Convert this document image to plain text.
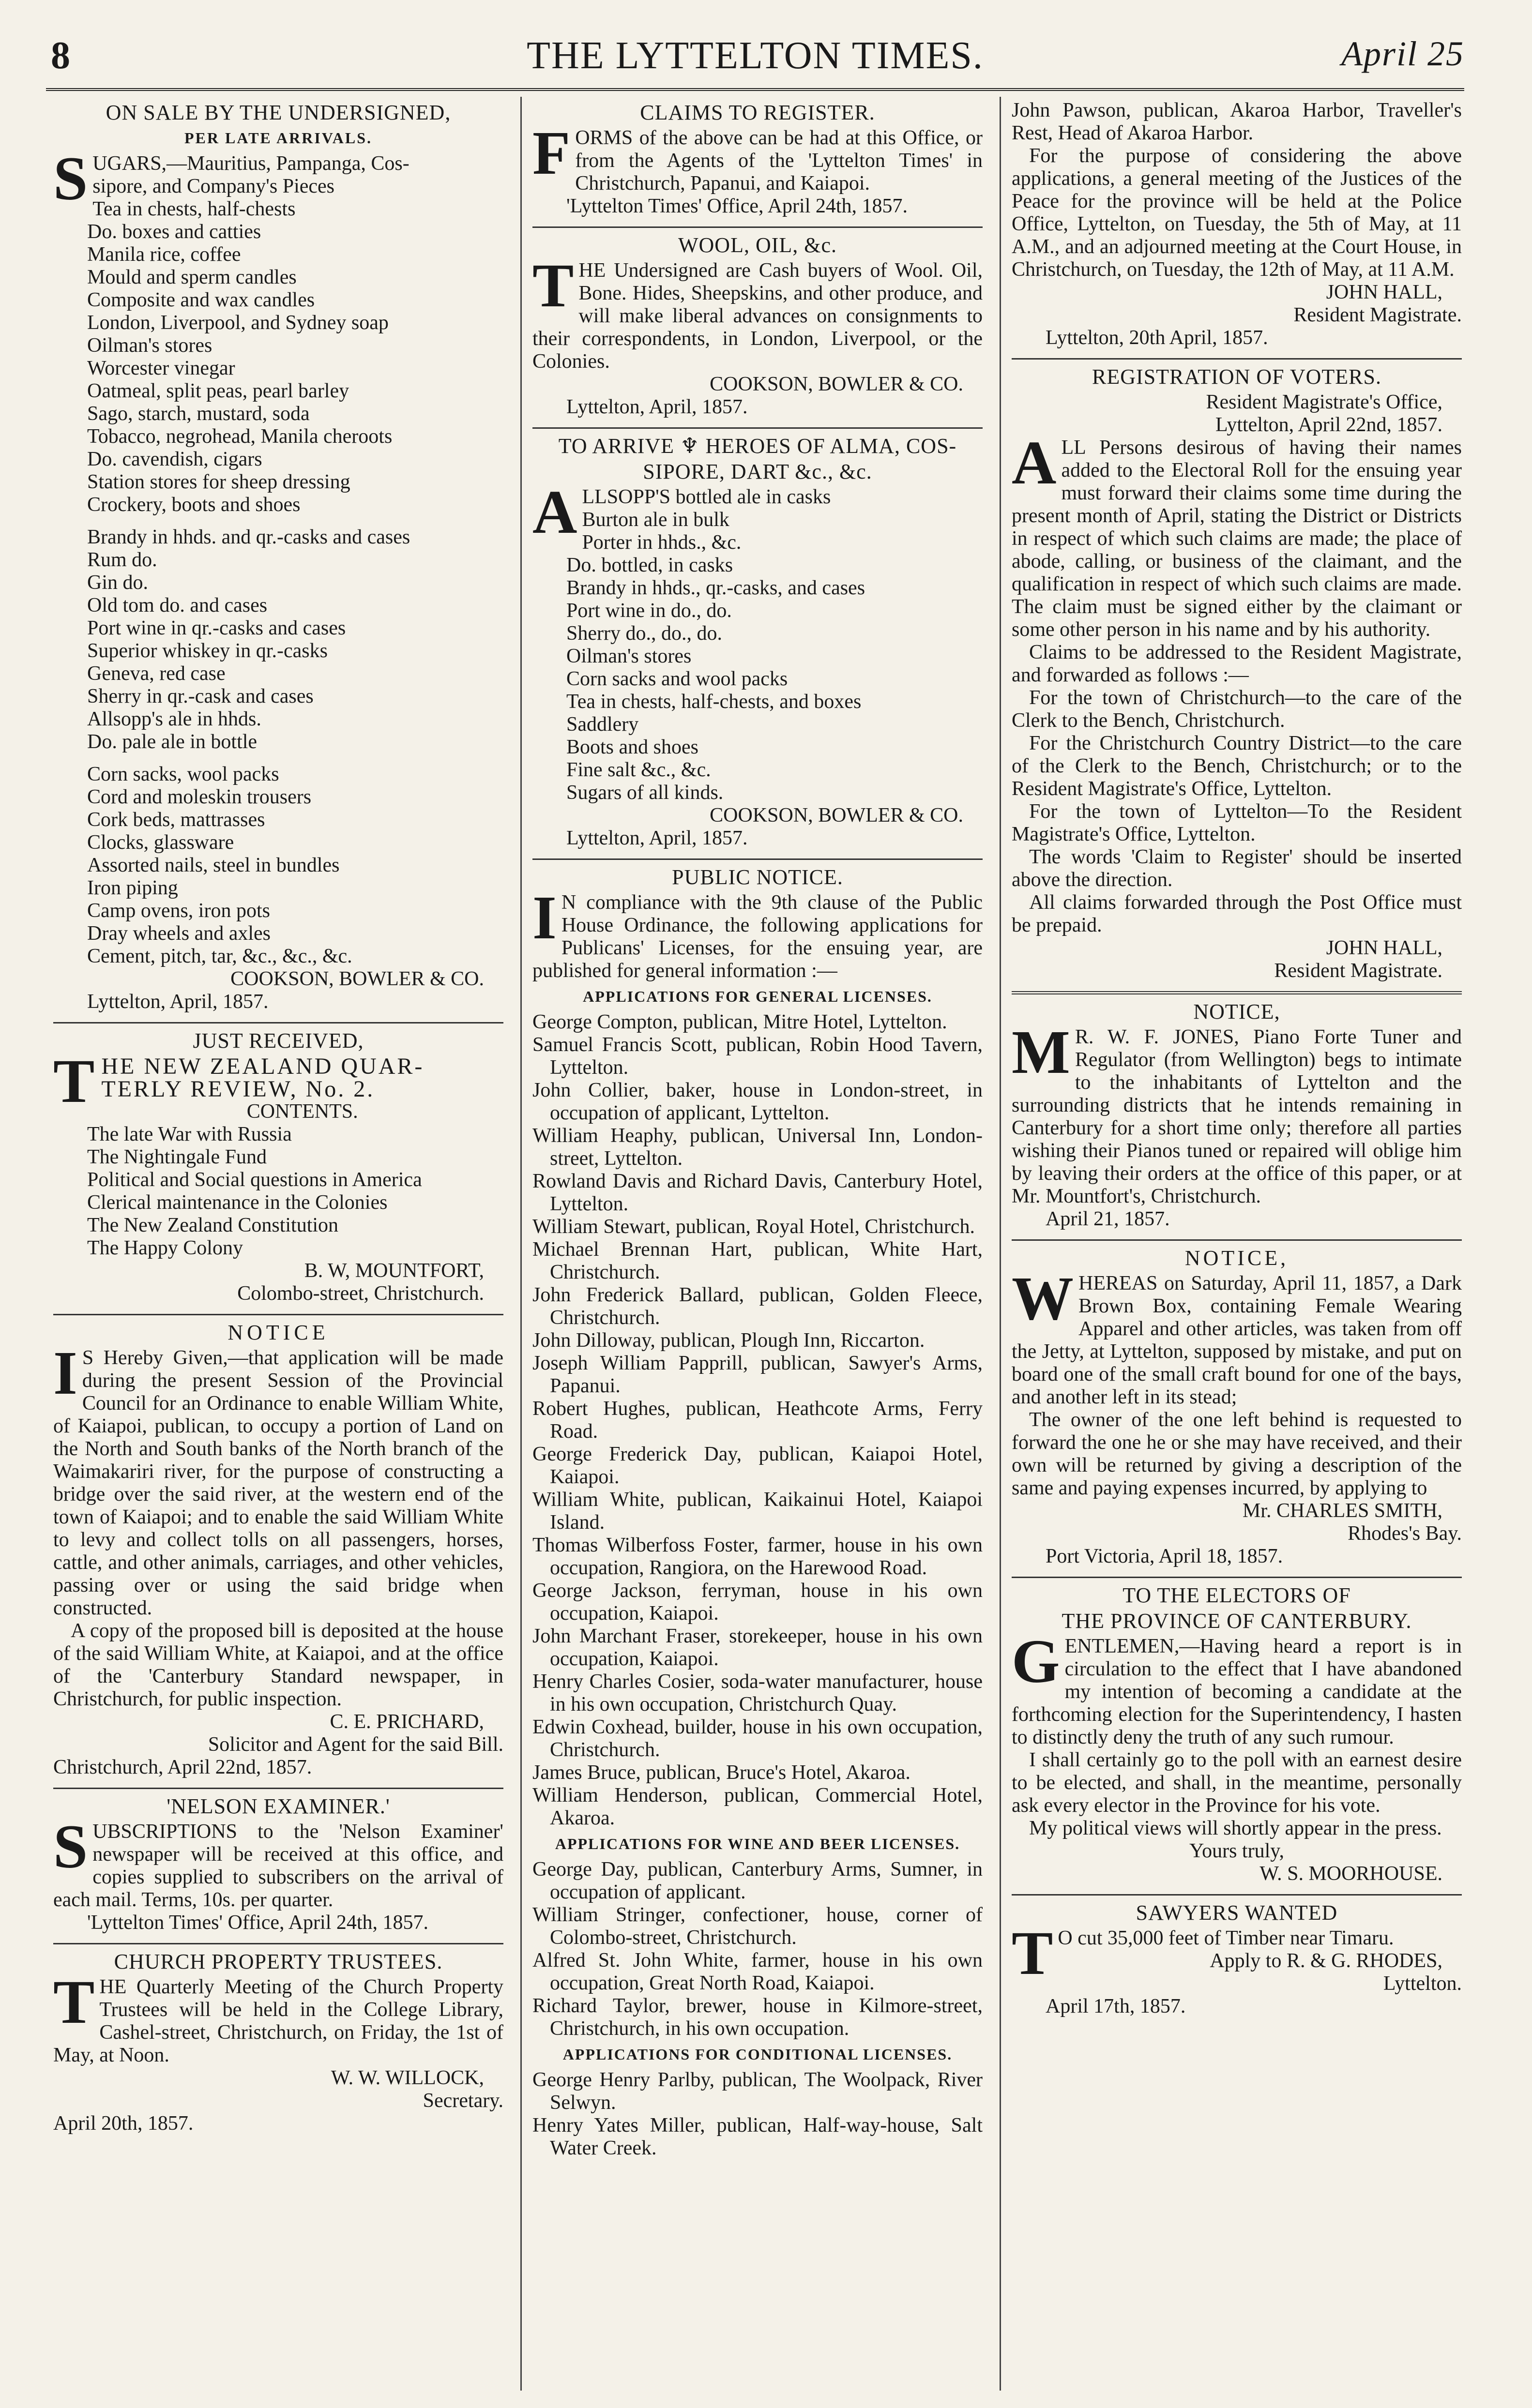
8	THE LYTTELTON TIMES.	April 25
ON SALE BY THE UNDERSIGNED,
PER LATE ARRIVALS.
S UGARS,—Mauritius, Pampanga, Cos-
sipore, and Company's Pieces
Tea in chests, half-chests
Do. boxes and catties
Manila rice, coffee
Mould and sperm candles
Composite and wax candles
London, Liverpool, and Sydney soap
Oilman's stores
Worcester vinegar
Oatmeal, split peas, pearl barley
Sago, starch, mustard, soda
Tobacco, negrohead, Manila cheroots
Do. cavendish, cigars
Station stores for sheep dressing
Crockery, boots and shoes
Brandy in hhds. and qr.-casks and cases
Rum do.
Gin do.
Old tom do. and cases
Port wine in qr.-casks and cases
Superior whiskey in qr.-casks
Geneva, red case
Sherry in qr.-cask and cases
Allsopp's ale in hhds.
Do. pale ale in bottle
Corn sacks, wool packs
Cord and moleskin trousers
Cork beds, mattrasses
Clocks, glassware
Assorted nails, steel in bundles
Iron piping
Camp ovens, iron pots
Dray wheels and axles
Cement, pitch, tar, &c., &c., &c.
COOKSON, BOWLER & CO.
Lyttelton, April, 1857.
JUST RECEIVED,
T HE NEW ZEALAND QUAR-
TERLY REVIEW, No. 2.
CONTENTS.
The late War with Russia
The Nightingale Fund
Political and Social questions in America
Clerical maintenance in the Colonies
The New Zealand Constitution
The Happy Colony
B. W, MOUNTFORT,
Colombo-street, Christchurch.
NOTICE
I S Hereby Given,—that application will be made during the present Session of the Provincial Council for an Ordinance to enable William White, of Kaiapoi, publican, to occupy a portion of Land on the North and South banks of the North branch of the Waimakariri river, for the purpose of constructing a bridge over the said river, at the western end of the town of Kaiapoi; and to enable the said William White to levy and collect tolls on all passengers, horses, cattle, and other animals, carriages, and other vehicles, passing over or using the said bridge when constructed.

A copy of the proposed bill is deposited at the house of the said William White, at Kaiapoi, and at the office of the 'Canterbury Standard newspaper, in Christchurch, for public inspection.

C. E. PRICHARD,
Solicitor and Agent for the said Bill.
Christchurch, April 22nd, 1857.
'NELSON EXAMINER.'
S UBSCRIPTIONS to the 'Nelson Examiner' newspaper will be received at this office, and copies supplied to subscribers on the arrival of each mail. Terms, 10s. per quarter.
'Lyttelton Times' Office, April 24th, 1857.
CHURCH PROPERTY TRUSTEES.
T HE Quarterly Meeting of the Church Property Trustees will be held in the College Library, Cashel-street, Christchurch, on Friday, the 1st of May, at Noon.
W. W. WILLOCK,
Secretary.
April 20th, 1857.
CLAIMS TO REGISTER.
F ORMS of the above can be had at this Office, or from the Agents of the 'Lyttelton Times' in Christchurch, Papanui, and Kaiapoi.
'Lyttelton Times' Office, April 24th, 1857.
WOOL, OIL, &c.
T HE Undersigned are Cash buyers of Wool. Oil, Bone. Hides, Sheepskins, and other produce, and will make liberal advances on consignments to their correspondents, in London, Liverpool, or the Colonies.
COOKSON, BOWLER & CO.
Lyttelton, April, 1857.
TO ARRIVE ♆ HEROES OF ALMA, COS-
SIPORE, DART &c., &c.
A LLSOPP'S bottled ale in casks
Burton ale in bulk
Porter in hhds., &c.
Do. bottled, in casks
Brandy in hhds., qr.-casks, and cases
Port wine in do., do.
Sherry do., do., do.
Oilman's stores
Corn sacks and wool packs
Tea in chests, half-chests, and boxes
Saddlery
Boots and shoes
Fine salt &c., &c.
Sugars of all kinds.
COOKSON, BOWLER & CO.
Lyttelton, April, 1857.
PUBLIC NOTICE.
I N compliance with the 9th clause of the Public House Ordinance, the following applications for Publicans' Licenses, for the ensuing year, are published for general information :—
APPLICATIONS FOR GENERAL LICENSES.
George Compton, publican, Mitre Hotel, Lyttelton.
Samuel Francis Scott, publican, Robin Hood Tavern, Lyttelton.
John Collier, baker, house in London-street, in occupation of applicant, Lyttelton.
William Heaphy, publican, Universal Inn, London-street, Lyttelton.
Rowland Davis and Richard Davis, Canterbury Hotel, Lyttelton.
William Stewart, publican, Royal Hotel, Christchurch.
Michael Brennan Hart, publican, White Hart, Christchurch.
John Frederick Ballard, publican, Golden Fleece, Christchurch.
John Dilloway, publican, Plough Inn, Riccarton.
Joseph William Papprill, publican, Sawyer's Arms, Papanui.
Robert Hughes, publican, Heathcote Arms, Ferry Road.
George Frederick Day, publican, Kaiapoi Hotel, Kaiapoi.
William White, publican, Kaikainui Hotel, Kaiapoi Island.
Thomas Wilberfoss Foster, farmer, house in his own occupation, Rangiora, on the Harewood Road.
George Jackson, ferryman, house in his own occupation, Kaiapoi.
John Marchant Fraser, storekeeper, house in his own occupation, Kaiapoi.
Henry Charles Cosier, soda-water manufacturer, house in his own occupation, Christchurch Quay.
Edwin Coxhead, builder, house in his own occupation, Christchurch.
James Bruce, publican, Bruce's Hotel, Akaroa.
William Henderson, publican, Commercial Hotel, Akaroa.
APPLICATIONS FOR WINE AND BEER LICENSES.
George Day, publican, Canterbury Arms, Sumner, in occupation of applicant.
William Stringer, confectioner, house, corner of Colombo-street, Christchurch.
Alfred St. John White, farmer, house in his own occupation, Great North Road, Kaiapoi.
Richard Taylor, brewer, house in Kilmore-street, Christchurch, in his own occupation.
APPLICATIONS FOR CONDITIONAL LICENSES.
George Henry Parlby, publican, The Woolpack, River Selwyn.
Henry Yates Miller, publican, Half-way-house, Salt Water Creek.
John Pawson, publican, Akaroa Harbor, Traveller's Rest, Head of Akaroa Harbor.

For the purpose of considering the above applications, a general meeting of the Justices of the Peace for the province will be held at the Police Office, Lyttelton, on Tuesday, the 5th of May, at 11 A.M., and an adjourned meeting at the Court House, in Christchurch, on Tuesday, the 12th of May, at 11 A.M.

JOHN HALL,
Resident Magistrate.
Lyttelton, 20th April, 1857.
REGISTRATION OF VOTERS.
Resident Magistrate's Office,
Lyttelton, April 22nd, 1857.
A LL Persons desirous of having their names added to the Electoral Roll for the ensuing year must forward their claims some time during the present month of April, stating the District or Districts in respect of which such claims are made; the place of abode, calling, or business of the claimant, and the qualification in respect of which such claims are made. The claim must be signed either by the claimant or some other person in his name and by his authority.

Claims to be addressed to the Resident Magistrate, and forwarded as follows :—

For the town of Christchurch—to the care of the Clerk to the Bench, Christchurch.

For the Christchurch Country District—to the care of the Clerk to the Bench, Christchurch; or to the Resident Magistrate's Office, Lyttelton.

For the town of Lyttelton—To the Resident Magistrate's Office, Lyttelton.

The words 'Claim to Register' should be inserted above the direction.

All claims forwarded through the Post Office must be prepaid.

JOHN HALL,
Resident Magistrate.
NOTICE,
M R. W. F. JONES, Piano Forte Tuner and Regulator (from Wellington) begs to intimate to the inhabitants of Lyttelton and the surrounding districts that he intends remaining in Canterbury for a short time only; therefore all parties wishing their Pianos tuned or repaired will oblige him by leaving their orders at the office of this paper, or at Mr. Mountfort's, Christchurch.
April 21, 1857.
NOTICE,
W HEREAS on Saturday, April 11, 1857, a Dark Brown Box, containing Female Wearing Apparel and other articles, was taken from off the Jetty, at Lyttelton, supposed by mistake, and put on board one of the small craft bound for one of the bays, and another left in its stead;

The owner of the one left behind is requested to forward the one he or she may have received, and their own will be returned by giving a description of the same and paying expenses incurred, by applying to

Mr. CHARLES SMITH,
Rhodes's Bay.
Port Victoria, April 18, 1857.
TO THE ELECTORS OF
THE PROVINCE OF CANTERBURY.
G ENTLEMEN,—Having heard a report is in circulation to the effect that I have abandoned my intention of becoming a candidate at the forthcoming election for the Superintendency, I hasten to distinctly deny the truth of any such rumour.

I shall certainly go to the poll with an earnest desire to be elected, and shall, in the meantime, personally ask every elector in the Province for his vote.

My political views will shortly appear in the press.

Yours truly,
W. S. MOORHOUSE.
SAWYERS WANTED
T O cut 35,000 feet of Timber near Timaru.
Apply to R. & G. RHODES,
Lyttelton.
April 17th, 1857.
